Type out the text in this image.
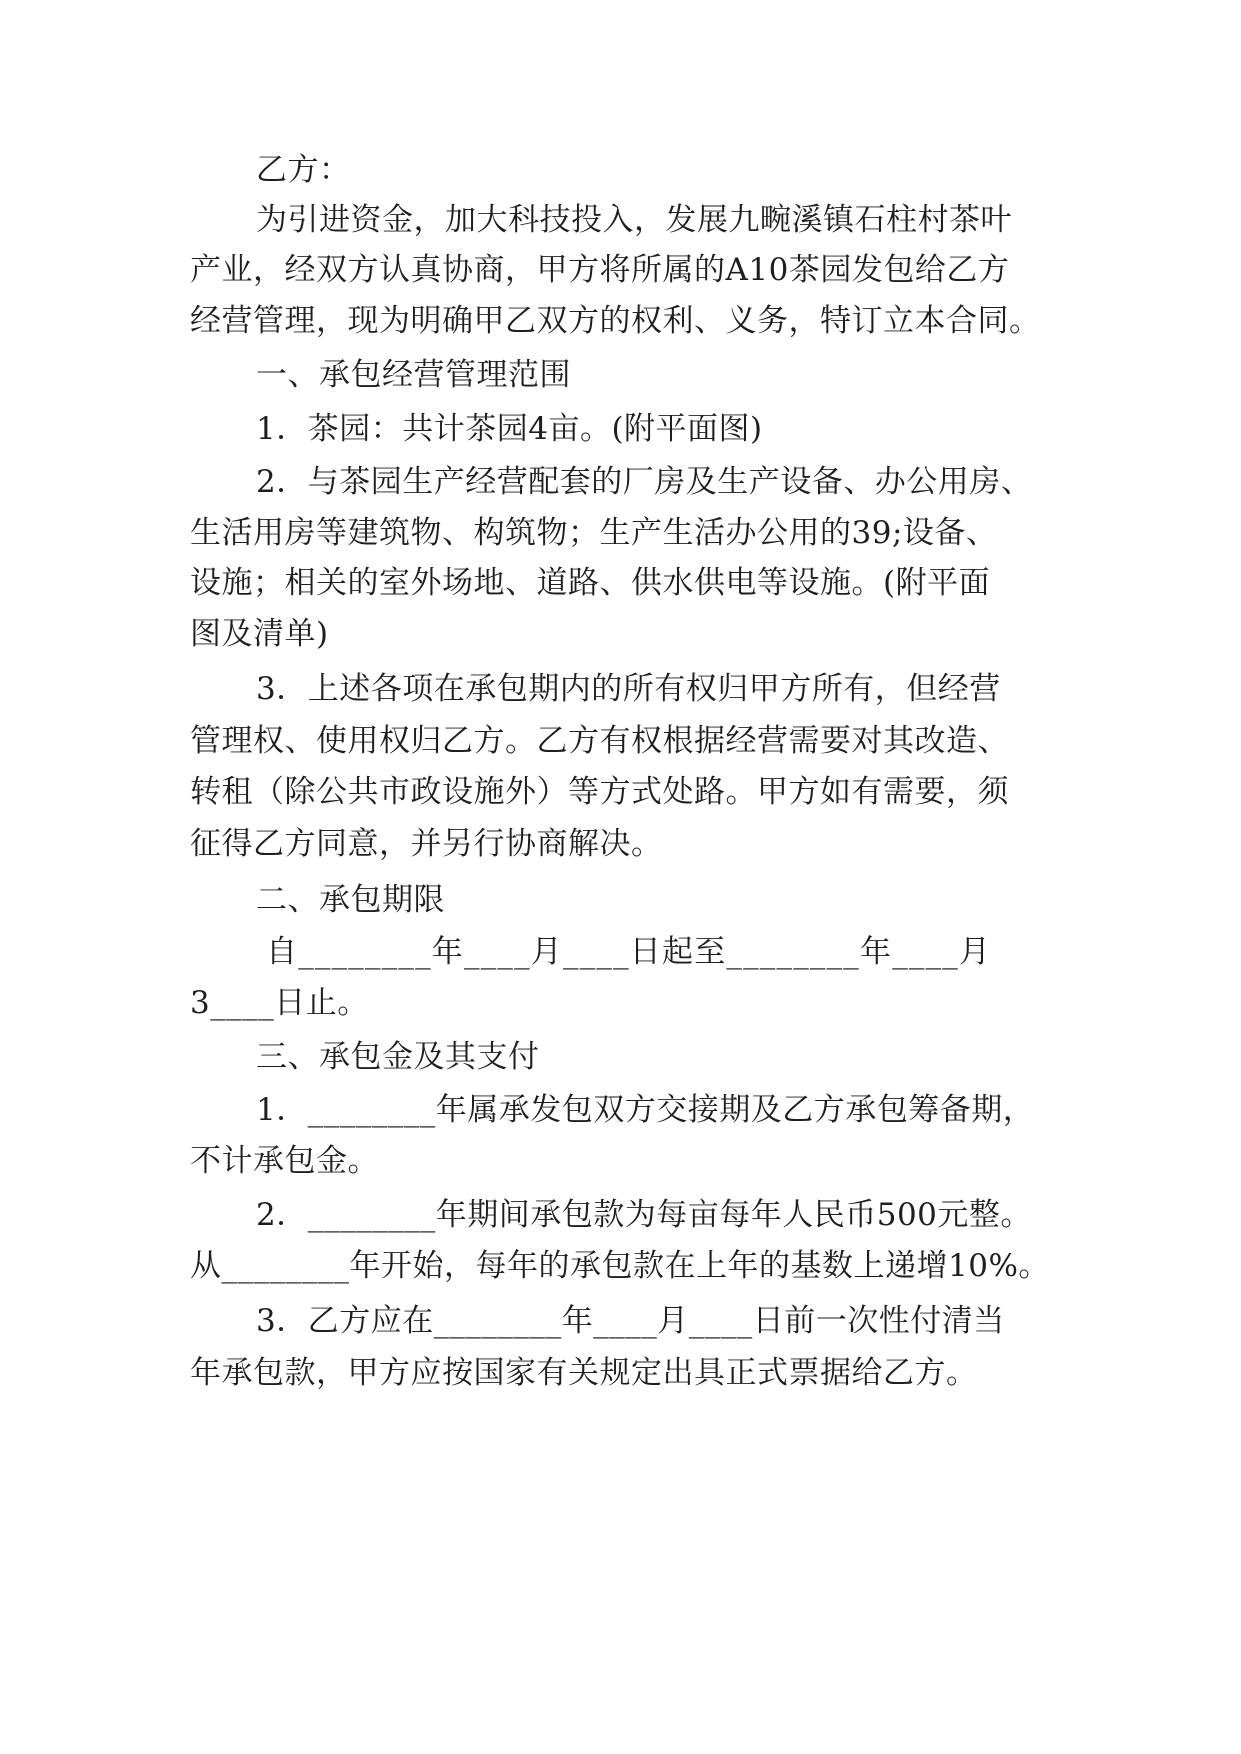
乙方：
为引进资金，加大科技投入，发展九畹溪镇石柱村茶叶
产业，经双方认真协商，甲方将所属的A10茶园发包给乙方
经营管理，现为明确甲乙双方的权利、义务，特订立本合同。
一、承包经营管理范围
1．茶园：共计茶园4亩。(附平面图)
2．与茶园生产经营配套的厂房及生产设备、办公用房、
生活用房等建筑物、构筑物；生产生活办公用的39;设备、
设施；相关的室外场地、道路、供水供电等设施。(附平面
图及清单)
3．上述各项在承包期内的所有权归甲方所有，但经营
管理权、使用权归乙方。乙方有权根据经营需要对其改造、
转租（除公共市政设施外）等方式处路。甲方如有需要，须
征得乙方同意，并另行协商解决。
二、承包期限
自________年____月____日起至________年____月
3____日止。
三、承包金及其支付
1．________年属承发包双方交接期及乙方承包筹备期，
不计承包金。
2．________年期间承包款为每亩每年人民币500元整。
从________年开始，每年的承包款在上年的基数上递增10%。
3．乙方应在________年____月____日前一次性付清当
年承包款，甲方应按国家有关规定出具正式票据给乙方。
